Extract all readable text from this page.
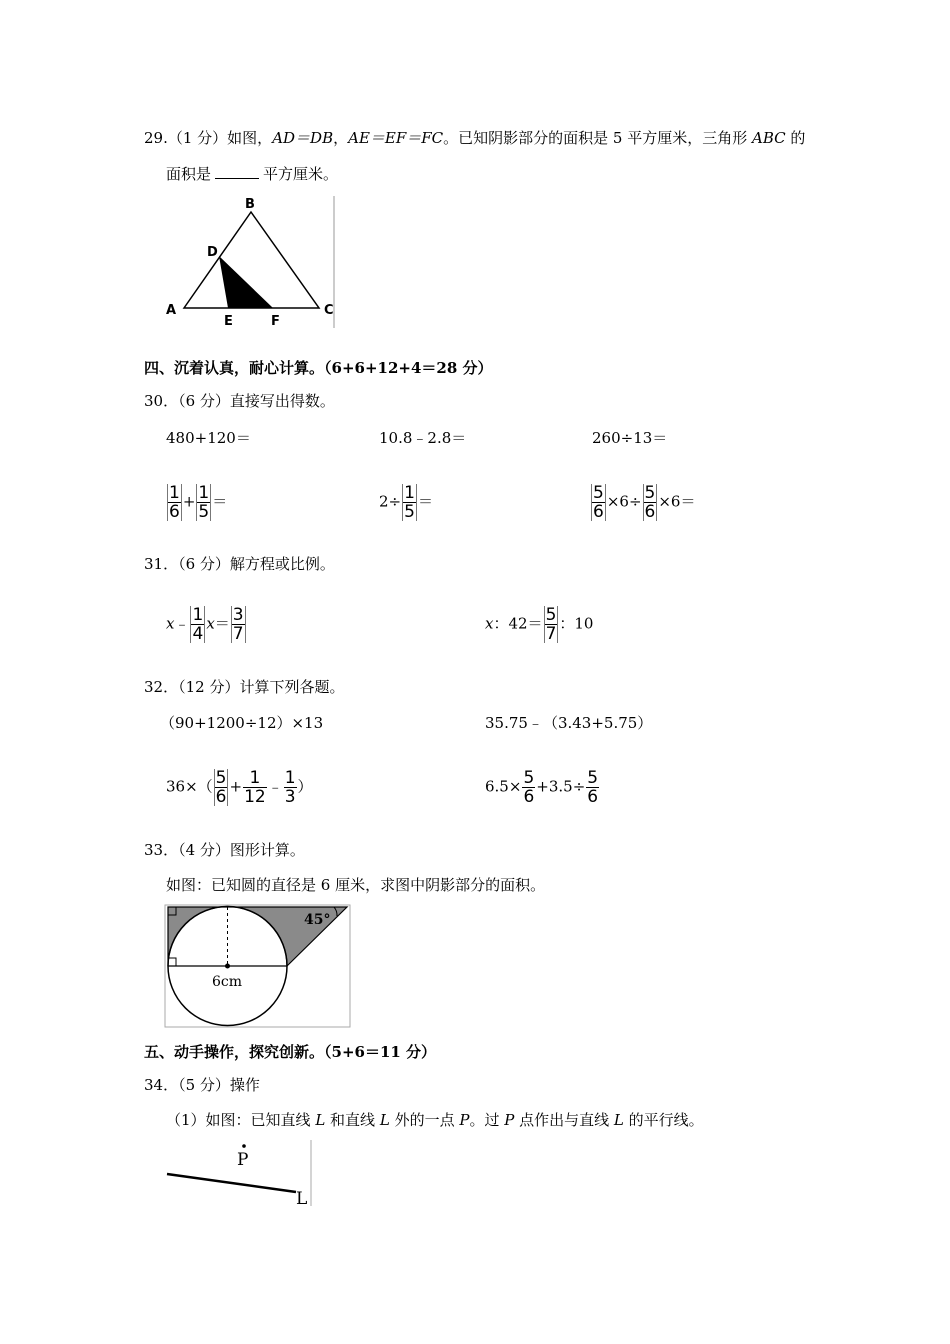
29.（1 分）如图，AD＝DB，AE＝EF＝FC。已知阴影部分的面积是 5 平方厘米，三角形 ABC 的
面积是	平方厘米。
A
B
C
D
E	F
四、沉着认真，耐心计算。（6+6+12+4＝28 分）
30．（6 分）直接写出得数。
480+120＝	10.8﹣2.8＝	260÷13＝
$\frac{1}{6} + \frac{1}{5}$ ＝	$2\div \frac{1}{5}$ ＝	$\frac{5}{6} \times 6\div \frac{5}{6} \times 6=$
31．（6 分）解方程或比例。
x﹣ $\frac{1}{4} x= \frac{3}{7}$	x：$42= \frac{5}{7}$ ：10
32．（12 分）计算下列各题。
（90+1200÷12）×13	35.75﹣（3.43+5.75）
$36\times( \frac{5}{6} + \frac{1}{12}$ ﹣ $\frac{1}{3}$ ）	$6.5\times \frac{5}{6} +3.5\div \frac{5}{6}$
33．（4 分）图形计算。
如图：已知圆的直径是 6 厘米，求图中阴影部分的面积。
45°
6cm
五、动手操作，探究创新。（5+6＝11 分）
34．（5 分）操作
（1）如图：已知直线 L 和直线 L 外的一点 P。过 P 点作出与直线 L 的平行线。
P
L
